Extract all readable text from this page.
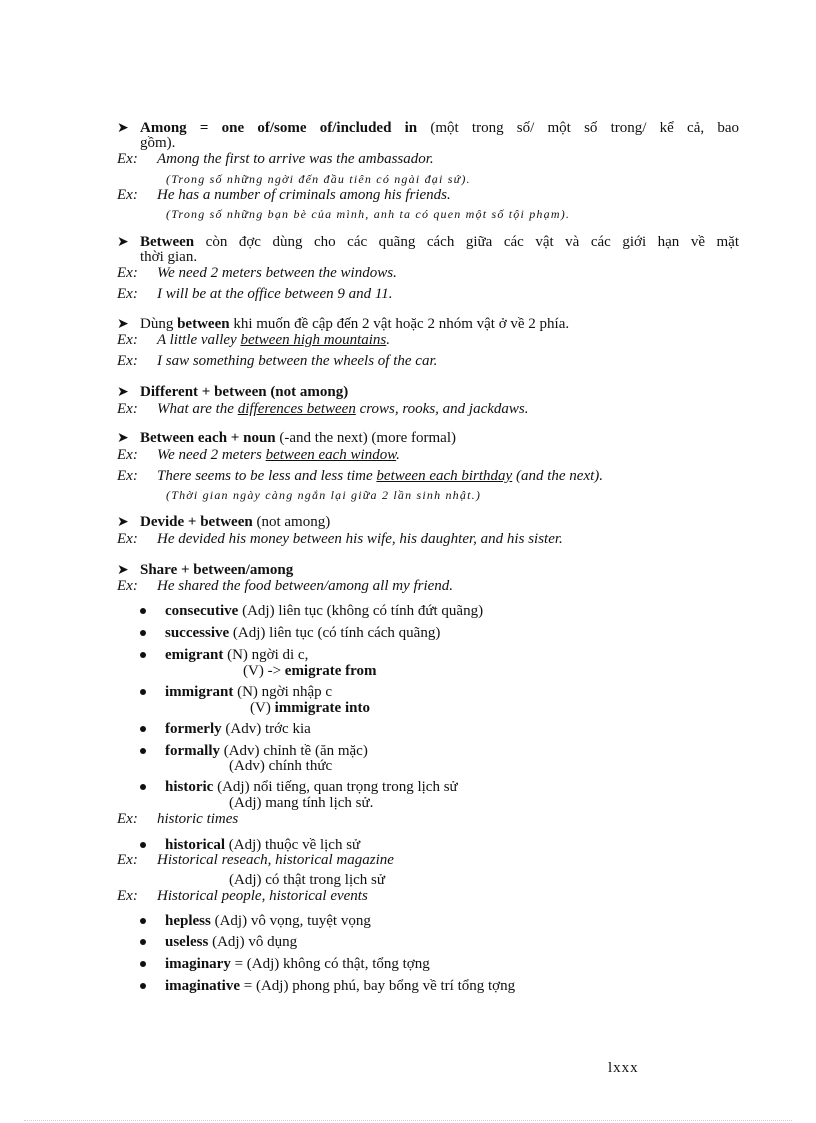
➤ Among = one of/some of/included in (một trong số/ một số trong/ kể cả, bao
gồm).
Ex: Among the first to arrive was the ambassador.
(Trong số những ngời đến đầu tiên có ngài đại sứ).
Ex: He has a number of criminals among his friends.
(Trong số những bạn bè của mình, anh ta có quen một số tội phạm).
➤ Between còn đợc dùng cho các quãng cách giữa các vật và các giới hạn về mặt
thời gian.
Ex: We need 2 meters between the windows.
Ex: I will be at the office between 9 and 11.
➤ Dùng between khi muốn đề cập đến 2 vật hoặc 2 nhóm vật ở về 2 phía.
Ex: A little valley between high mountains.
Ex: I saw something between the wheels of the car.
➤ Different + between (not among)
Ex: What are the differences between crows, rooks, and jackdaws.
➤ Between each + noun (-and the next) (more formal)
Ex: We need 2 meters between each window.
Ex: There seems to be less and less time between each birthday (and the next).
(Thời gian ngày càng ngắn lại giữa 2 lần sinh nhật.)
➤ Devide + between (not among)
Ex: He devided his money between his wife, his daughter, and his sister.
➤ Share + between/among
Ex: He shared the food between/among all my friend.
consecutive (Adj) liên tục (không có tính đứt quãng)
successive (Adj) liên tục (có tính cách quãng)
emigrant (N) ngời di c,
(V) -> emigrate from
immigrant (N) ngời nhập c
(V) immigrate into
formerly (Adv) trớc kia
formally (Adv) chỉnh tề (ăn mặc)
(Adv) chính thức
historic (Adj) nổi tiếng, quan trọng trong lịch sử
(Adj) mang tính lịch sử.
Ex: historic times
historical (Adj) thuộc về lịch sử
Ex: Historical reseach, historical magazine
(Adj) có thật trong lịch sử
Ex: Historical people, historical events
hepless (Adj) vô vọng, tuyệt vọng
useless (Adj) vô dụng
imaginary = (Adj) không có thật, tổng tợng
imaginative = (Adj) phong phú, bay bổng về trí tổng tợng
lxxx
